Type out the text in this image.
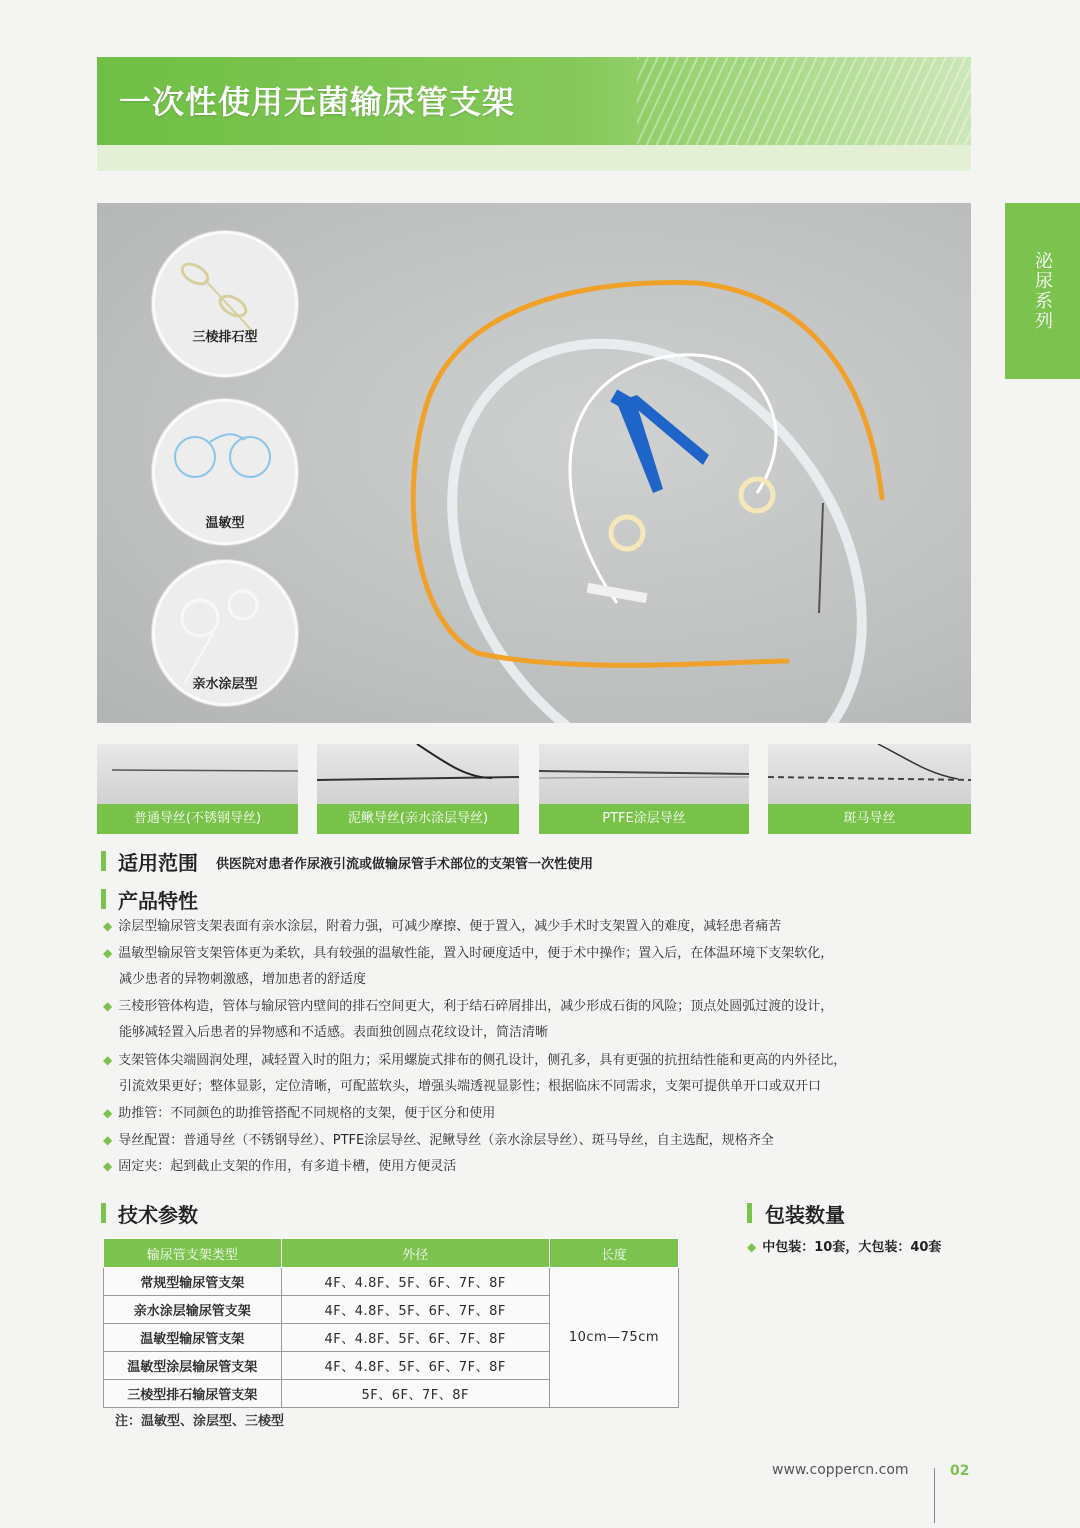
一次性使用无菌输尿管支架
泌尿系列
三棱排石型
温敏型
亲水涂层型
普通导丝(不锈钢导丝)	泥鳅导丝(亲水涂层导丝)	PTFE涂层导丝	斑马导丝
适用范围 供医院对患者作尿液引流或做输尿管手术部位的支架管一次性使用
产品特性
◆ 涂层型输尿管支架表面有亲水涂层，附着力强，可减少摩擦、便于置入，减少手术时支架置入的难度，减轻患者痛苦
◆ 温敏型输尿管支架管体更为柔软，具有较强的温敏性能，置入时硬度适中，便于术中操作；置入后，在体温环境下支架软化，
减少患者的异物刺激感，增加患者的舒适度
◆ 三棱形管体构造，管体与输尿管内壁间的排石空间更大，利于结石碎屑排出，减少形成石街的风险；顶点处圆弧过渡的设计，
能够减轻置入后患者的异物感和不适感。表面独创圆点花纹设计，简洁清晰
◆ 支架管体尖端圆润处理，减轻置入时的阻力；采用螺旋式排布的侧孔设计，侧孔多，具有更强的抗扭结性能和更高的内外径比，
引流效果更好；整体显影，定位清晰，可配蓝软头，增强头端透视显影性；根据临床不同需求，支架可提供单开口或双开口
◆ 助推管：不同颜色的助推管搭配不同规格的支架，便于区分和使用
◆ 导丝配置：普通导丝（不锈钢导丝）、PTFE涂层导丝、泥鳅导丝（亲水涂层导丝）、斑马导丝，自主选配，规格齐全
◆ 固定夹：起到截止支架的作用，有多道卡槽，使用方便灵活
技术参数
输尿管支架类型	外径	长度
常规型输尿管支架	4F、4.8F、5F、6F、7F、8F	10cm—75cm
亲水涂层输尿管支架	4F、4.8F、5F、6F、7F、8F	
温敏型输尿管支架	4F、4.8F、5F、6F、7F、8F	
温敏型涂层输尿管支架	4F、4.8F、5F、6F、7F、8F	
三棱型排石输尿管支架	5F、6F、7F、8F	
注：温敏型、涂层型、三棱型
包装数量
◆ 中包装：10套，大包装：40套
www.coppercn.com	02
